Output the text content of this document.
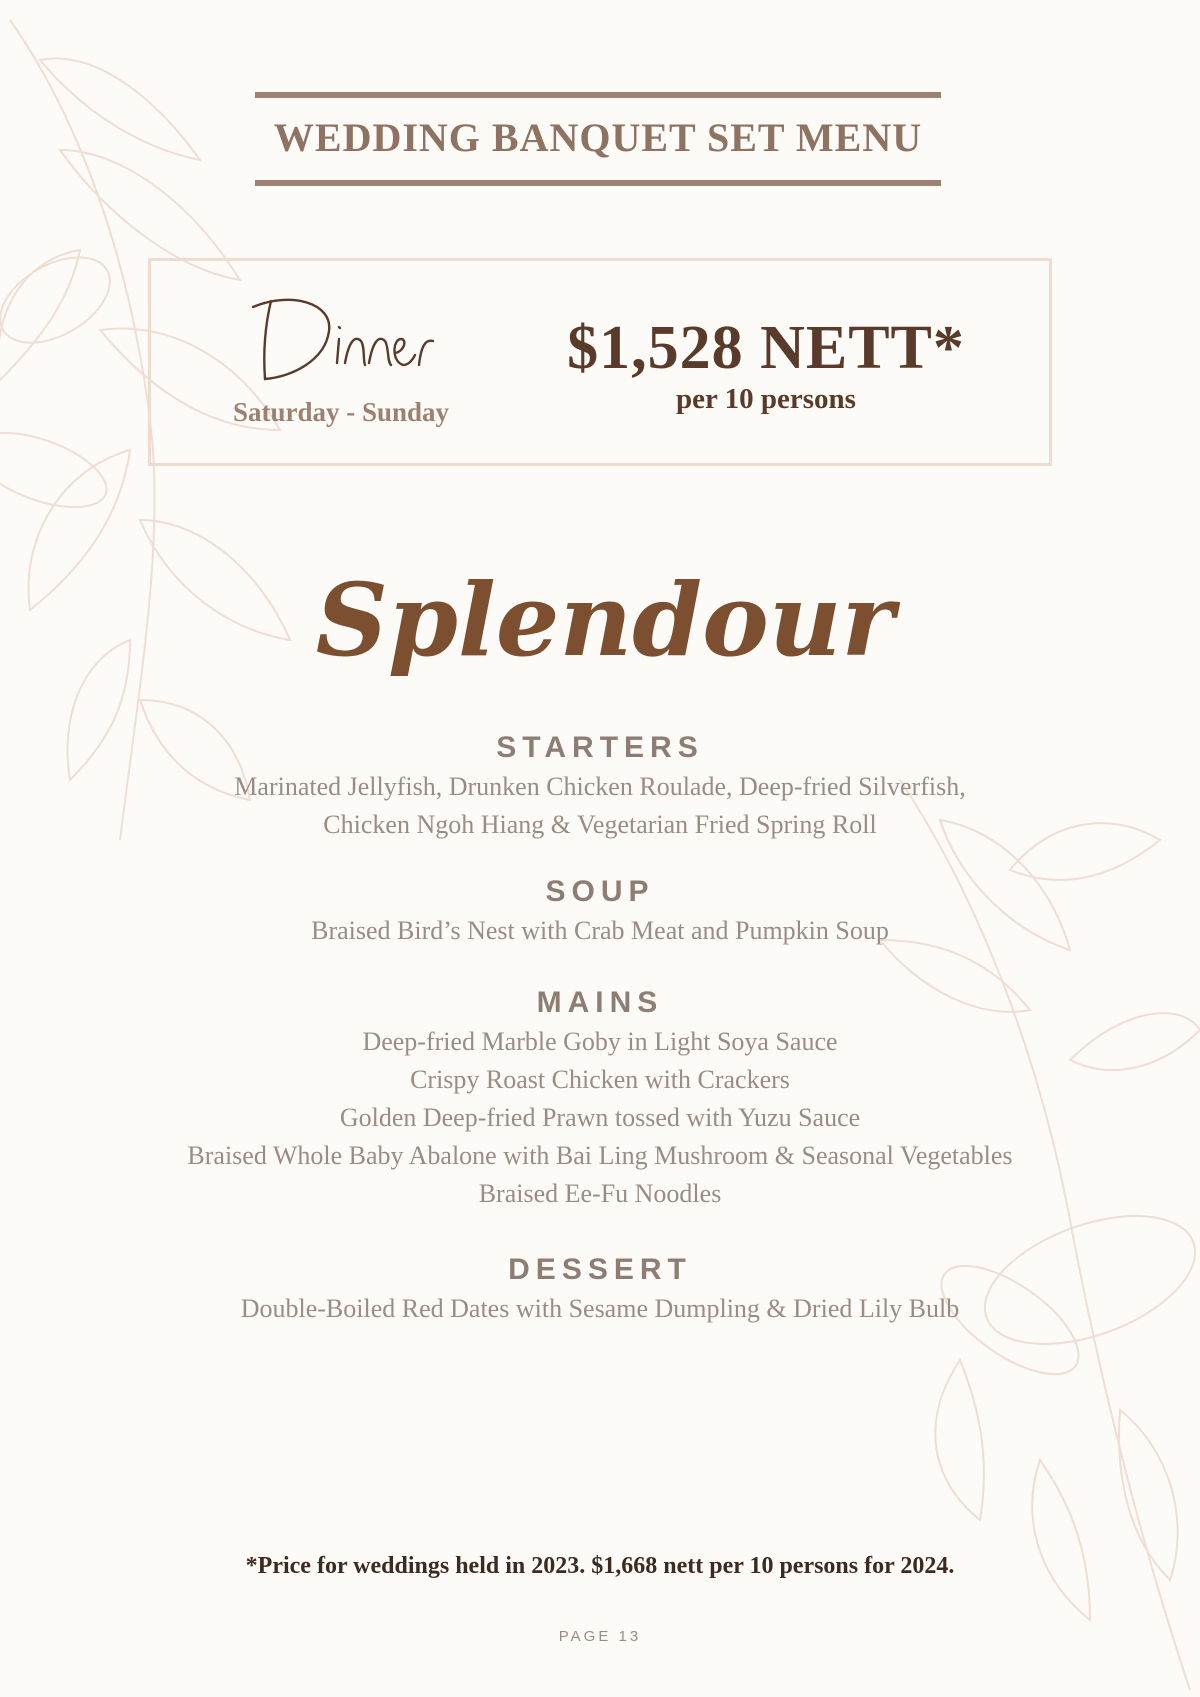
WEDDING BANQUET SET MENU
Saturday - Sunday
$1,528 NETT*
per 10 persons
Splendour
STARTERS
Marinated Jellyfish, Drunken Chicken Roulade, Deep-fried Silverfish,
Chicken Ngoh Hiang & Vegetarian Fried Spring Roll
SOUP
Braised Bird’s Nest with Crab Meat and Pumpkin Soup
MAINS
Deep-fried Marble Goby in Light Soya Sauce
Crispy Roast Chicken with Crackers
Golden Deep-fried Prawn tossed with Yuzu Sauce
Braised Whole Baby Abalone with Bai Ling Mushroom & Seasonal Vegetables
Braised Ee-Fu Noodles
DESSERT
Double-Boiled Red Dates with Sesame Dumpling & Dried Lily Bulb
*Price for weddings held in 2023. $1,668 nett per 10 persons for 2024.
PAGE 13
